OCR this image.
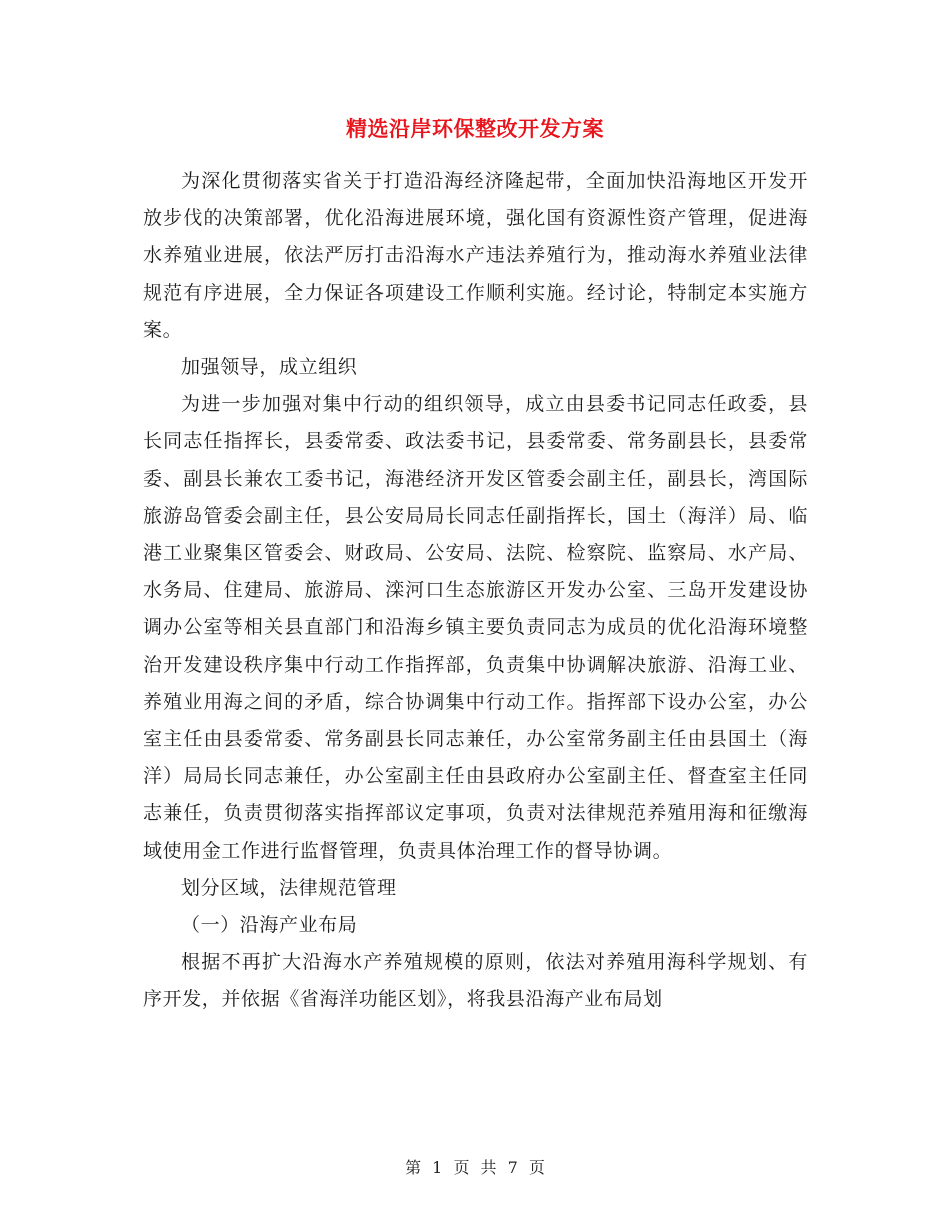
精选沿岸环保整改开发方案

为深化贯彻落实省关于打造沿海经济隆起带，全面加快沿海地区开发开放步伐的决策部署，优化沿海进展环境，强化国有资源性资产管理，促进海水养殖业进展，依法严厉打击沿海水产违法养殖行为，推动海水养殖业法律规范有序进展，全力保证各项建设工作顺利实施。经讨论，特制定本实施方案。

加强领导，成立组织

为进一步加强对集中行动的组织领导，成立由县委书记同志任政委，县长同志任指挥长，县委常委、政法委书记，县委常委、常务副县长，县委常委、副县长兼农工委书记，海港经济开发区管委会副主任，副县长，湾国际旅游岛管委会副主任，县公安局局长同志任副指挥长，国土（海洋）局、临港工业聚集区管委会、财政局、公安局、法院、检察院、监察局、水产局、水务局、住建局、旅游局、滦河口生态旅游区开发办公室、三岛开发建设协调办公室等相关县直部门和沿海乡镇主要负责同志为成员的优化沿海环境整治开发建设秩序集中行动工作指挥部，负责集中协调解决旅游、沿海工业、养殖业用海之间的矛盾，综合协调集中行动工作。指挥部下设办公室，办公室主任由县委常委、常务副县长同志兼任，办公室常务副主任由县国土（海洋）局局长同志兼任，办公室副主任由县政府办公室副主任、督查室主任同志兼任，负责贯彻落实指挥部议定事项，负责对法律规范养殖用海和征缴海域使用金工作进行监督管理，负责具体治理工作的督导协调。

划分区域，法律规范管理

（一）沿海产业布局

根据不再扩大沿海水产养殖规模的原则，依法对养殖用海科学规划、有序开发，并依据《省海洋功能区划》，将我县沿海产业布局划

第 1 页 共 7 页
